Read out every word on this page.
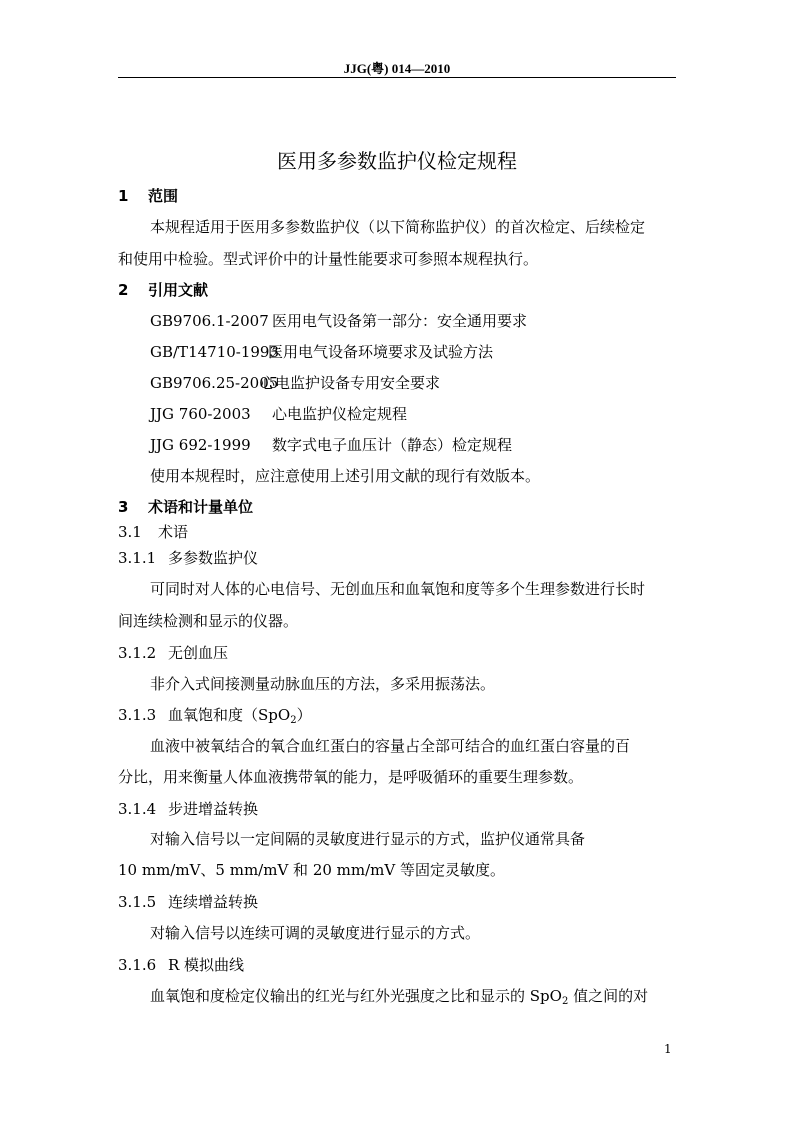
JJG(粤) 014—2010
医用多参数监护仪检定规程
1 范围
本规程适用于医用多参数监护仪（以下简称监护仪）的首次检定、后续检定
和使用中检验。型式评价中的计量性能要求可参照本规程执行。
2 引用文献
GB9706.1-2007 医用电气设备第一部分：安全通用要求
GB/T14710-1993医用电气设备环境要求及试验方法
GB9706.25-2005心电监护设备专用安全要求
JJG 760-2003 心电监护仪检定规程
JJG 692-1999 数字式电子血压计（静态）检定规程
使用本规程时，应注意使用上述引用文献的现行有效版本。
3 术语和计量单位
3.1 术语
3.1.1 多参数监护仪
可同时对人体的心电信号、无创血压和血氧饱和度等多个生理参数进行长时
间连续检测和显示的仪器。
3.1.2 无创血压
非介入式间接测量动脉血压的方法，多采用振荡法。
3.1.3 血氧饱和度（SpO$_2$）
血液中被氧结合的氧合血红蛋白的容量占全部可结合的血红蛋白容量的百
分比，用来衡量人体血液携带氧的能力，是呼吸循环的重要生理参数。
3.1.4 步进增益转换
对输入信号以一定间隔的灵敏度进行显示的方式，监护仪通常具备
10 mm/mV、5 mm/mV 和 20 mm/mV 等固定灵敏度。
3.1.5 连续增益转换
对输入信号以连续可调的灵敏度进行显示的方式。
3.1.6 R 模拟曲线
血氧饱和度检定仪输出的红光与红外光强度之比和显示的 SpO$_2$ 值之间的对
1
